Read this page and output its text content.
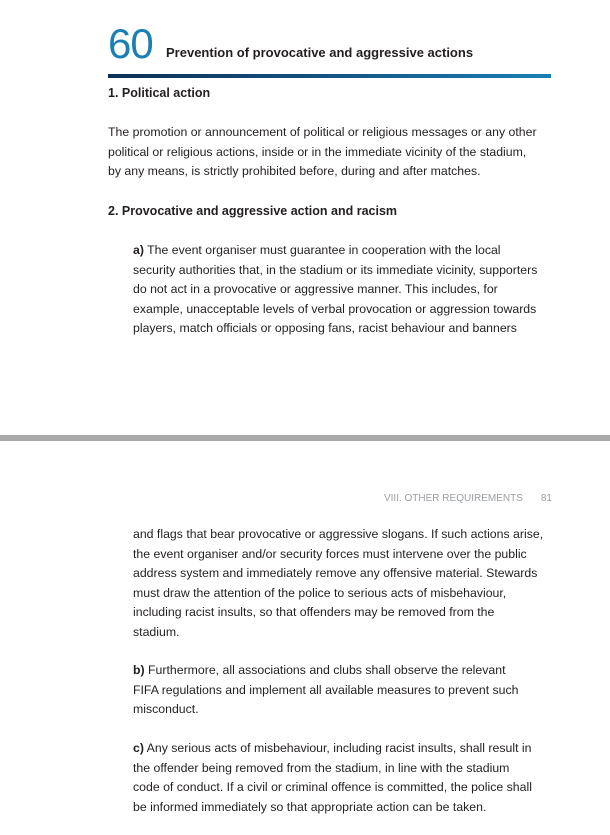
60 Prevention of provocative and aggressive actions
1. Political action
The promotion or announcement of political or religious messages or any other
political or religious actions, inside or in the immediate vicinity of the stadium,
by any means, is strictly prohibited before, during and after matches.
2. Provocative and aggressive action and racism
a) The event organiser must guarantee in cooperation with the local
security authorities that, in the stadium or its immediate vicinity, supporters
do not act in a provocative or aggressive manner. This includes, for
example, unacceptable levels of verbal provocation or aggression towards
players, match officials or opposing fans, racist behaviour and banners
VIII. OTHER REQUIREMENTS 81
and flags that bear provocative or aggressive slogans. If such actions arise,
the event organiser and/or security forces must intervene over the public
address system and immediately remove any offensive material. Stewards
must draw the attention of the police to serious acts of misbehaviour,
including racist insults, so that offenders may be removed from the
stadium.
b) Furthermore, all associations and clubs shall observe the relevant
FIFA regulations and implement all available measures to prevent such
misconduct.
c) Any serious acts of misbehaviour, including racist insults, shall result in
the offender being removed from the stadium, in line with the stadium
code of conduct. If a civil or criminal offence is committed, the police shall
be informed immediately so that appropriate action can be taken.
